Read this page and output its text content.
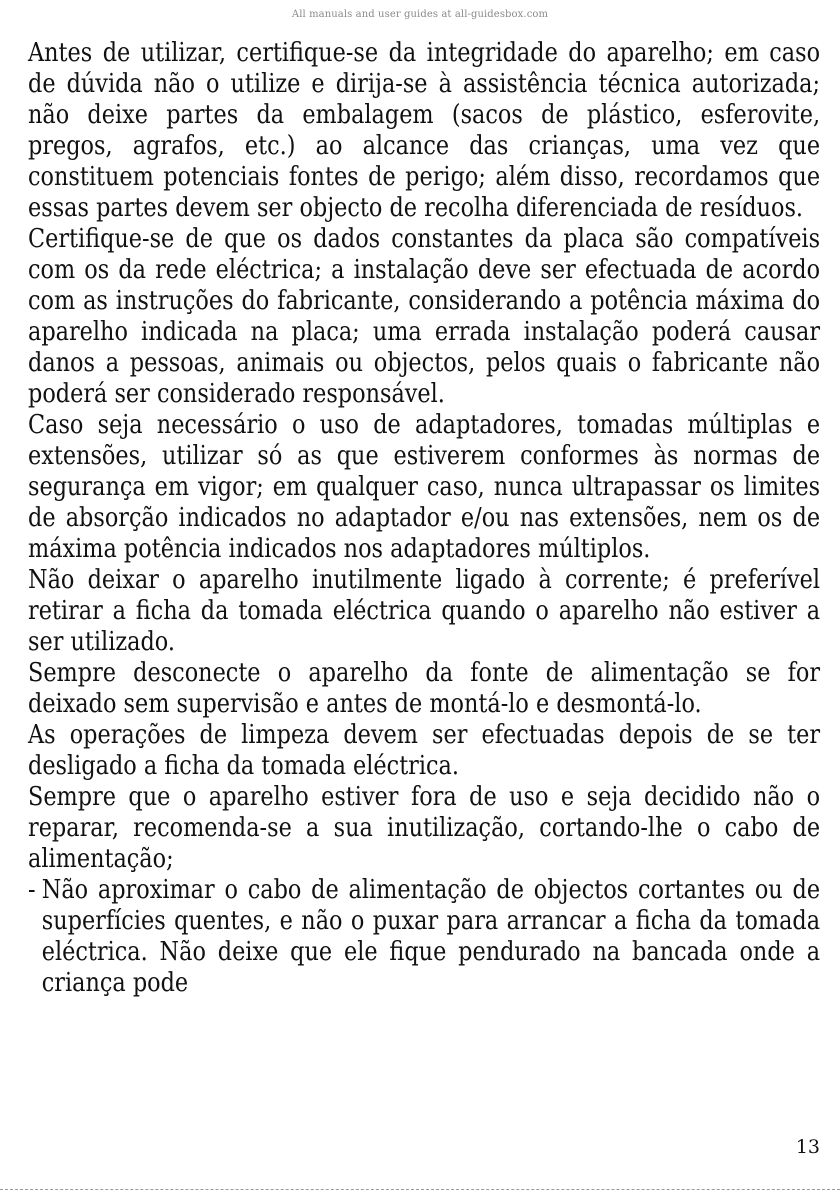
All manuals and user guides at all-guidesbox.com

Antes de utilizar, certifique-se da integridade do aparelho; em caso de dúvida não o utilize e dirija-se à assistência técnica autorizada; não deixe partes da embalagem (sacos de plástico, esferovite, pregos, agrafos, etc.) ao alcance das crianças, uma vez que constituem potenciais fontes de perigo; além disso, recordamos que essas partes devem ser objecto de recolha diferenciada de resíduos.

Certifique-se de que os dados constantes da placa são compatíveis com os da rede eléctrica; a instalação deve ser efectuada de acordo com as instruções do fabricante, considerando a potência máxima do aparelho indicada na placa; uma errada instalação poderá causar danos a pessoas, animais ou objectos, pelos quais o fabricante não poderá ser considerado responsável.

Caso seja necessário o uso de adaptadores, tomadas múltiplas e extensões, utilizar só as que estiverem conformes às normas de segurança em vigor; em qualquer caso, nunca ultrapassar os limites de absorção indicados no adaptador e/ou nas extensões, nem os de máxima potência indicados nos adaptadores múltiplos.

Não deixar o aparelho inutilmente ligado à corrente; é preferível retirar a ficha da tomada eléctrica quando o aparelho não estiver a ser utilizado.

Sempre desconecte o aparelho da fonte de alimentação se for deixado sem supervisão e antes de montá-lo e desmontá-lo.

As operações de limpeza devem ser efectuadas depois de se ter desligado a ficha da tomada eléctrica.

Sempre que o aparelho estiver fora de uso e seja decidido não o reparar, recomenda-se a sua inutilização, cortando-lhe o cabo de alimentação;

- Não aproximar o cabo de alimentação de objectos cortantes ou de superfícies quentes, e não o puxar para arrancar a ficha da tomada eléctrica. Não deixe que ele fique pendurado na bancada onde a criança pode
13
